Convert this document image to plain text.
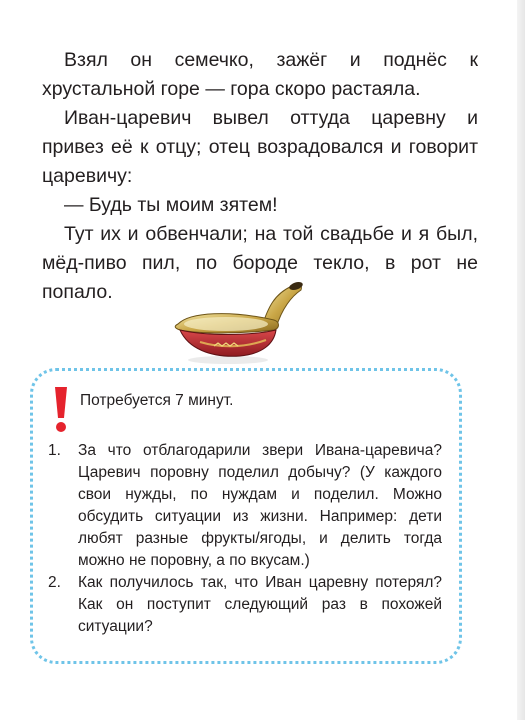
Взял он семечко, зажёг и поднёс к хрустальной горе — гора скоро растаяла.

Иван-царевич вывел оттуда царевну и привез её к отцу; отец возрадовался и говорит царевичу:

— Будь ты моим зятем!

Тут их и обвенчали; на той свадьбе и я был, мёд-пиво пил, по бороде текло, в рот не попало.

Потребуется 7 минут.
1. За что отблагодарили звери Ивана-царевича? Царевич поровну поделил добычу? (У каждого свои нужды, по нуждам и поделил. Можно обсудить ситуации из жизни. Например: дети любят разные фрукты/ягоды, и делить тогда можно не поровну, а по вкусам.)
2. Как получилось так, что Иван царевну потерял? Как он поступит следующий раз в похожей ситуации?
